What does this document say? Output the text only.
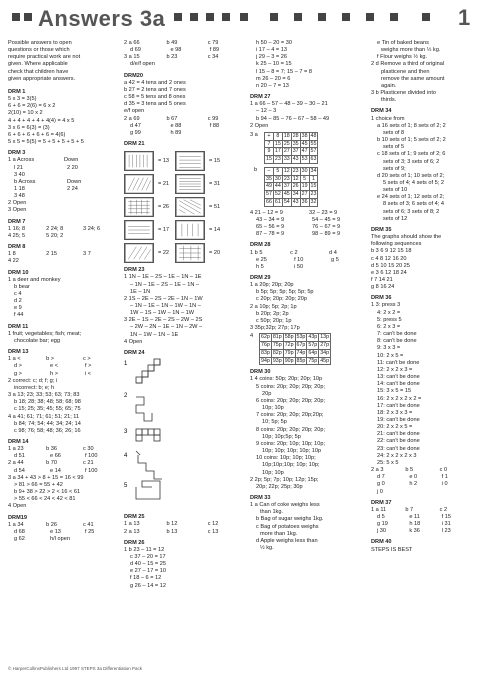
Answers 3a	1
Possible answers to open
questions or those which
require practical work are not
given. Where applicable
check that children have
given appropriate answers.
DRM 1
5 x 3 = 3(5)
6 + 6 = 2(6) = 6 x 2
2(10) = 10 x 2
4 + 4 + 4 + 4 + 4(4) = 4 x 5
3 x 6 = 6(3) = (3)
6 + 6 + 6 + 6 + 6 = 4(6)
5 x 5 = 5(5) = 5 + 5 + 5 + 5 + 5
DRM 3
1 a Across	Down
l 21	2 20
3 40
b Across	Down
1 18	2 24
3 48
2 Open
3 Open
DRM 7
1 16; 8	2 24; 8	3 24; 6
4 25; 5	5 20; 2
DRM 8
1 8	2 15	3 7
4 22
DRM 10
1 a deer and monkey
b bear
c 4
d 2
e 9
f 44
DRM 11
1 fruit; vegetables; fish; meat;
chocolate bar; egg
DRM 13
1 a <	b >	c >
d >	e <	f >
g >	h >	i <
2 correct: c; d; f; g; i
incorrect: b; e; h
3 a 13; 23; 33; 53; 63; 73; 83
b 18; 28; 38; 48; 58; 68; 98
c 15; 25; 35; 45; 55; 65; 75
4 a 41; 61; 71; 61; 51; 21; 11
b 84; 74; 54; 44; 34; 24; 14
c 98; 76; 58; 48; 36; 26; 16
DRM 14
1 a 23	b 36	c 30
d 51	e 66	f 100
2 a 44	b 70	c 21
d 54	e 14	f 100
3 a 34 + 43 > 8 + 15 = 16 < 99
> 81 > 66 = 55 + 42
b 9+ 38 > 22 > 2 < 16 < 61
> 55 < 66 < 24 < 42 < 81
4 Open
DRM19
1 a 34	b 26	c 41
d 68	e 13	f 25
g 62	h/l open
2 a 66	b 49	c 79
d 69	e 98	f 89
3 a 15	b 23	c 34
d/e/f open
DRM20
a 42 = 4 tens and 2 ones
b 27 = 2 tens and 7 ones
c 58 = 5 tens and 8 ones
d 35 = 3 tens and 5 ones
e/f open
2 a 69	b 67	c 99
d 47	e 88	f 88
g 99	h 89
DRM 21
= 13	= 15
= 21	= 31
= 26	= 51
= 17	= 14
= 22	= 20
DRM 23
1 1N – 1E – 2S – 1E – 1N – 1E
– 1N – 1E – 2S – 1E – 1N –
1E – 1N
2 1S – 2E – 2S – 2E – 1N – 1W
– 1N – 1E – 1N – 1W – 1N –
1W – 1S – 1W – 1N – 1W
3 2E – 1S – 2E – 2S – 2W – 2S
– 2W – 2N – 1E – 1N – 2W –
1N – 1W – 1N – 1E
4 Open
DRM 24
1
2
3
4
5
DRM 25
1 a 13	b 12	c 12
2 a 13	b 13	c 13
DRM 26
1 b 23 – 11 = 12
c 37 – 20 = 17
d 40 – 15 = 25
e 27 – 17 = 10
f 18 – 6 = 12
g 26 – 14 = 12
h 50 – 20 = 30
i 17 – 4 = 13
j 29 – 3 = 26
k 25 – 10 = 15
l 15 – 8 = 7; 15 – 7 = 8
m 26 – 20 = 6
n 20 – 7 = 13
DRM 27
1 a 66 – 57 – 48 – 39 – 30 – 21
– 12 – 3
b 94 – 85 – 76 – 67 – 58 – 49
2 Open
3 a	+	8	18	28	38	48
7	15	25	35	45	55
9	17	27	37	47	57
15	23	33	43	53	63
b	–	5	12	23	30	34
35	30	23	12	5	1
49	44	37	26	19	15
57	52	45	34	27	23
66	61	54	43	36	32
4 21 – 12 = 9	32 – 23 = 9
43 – 34 = 9	54 – 45 = 9
65 – 56 = 9	76 – 67 = 9
87 – 78 = 9	98 – 89 = 9
DRM 28
1 b 5	c 2	d 4
e 25	f 10	g 5
h 5	i 50
DRM 29
1 a 20p; 20p; 20p
b 5p; 5p; 5p; 5p; 5p; 5p
c 20p; 20p; 20p; 20p
2 a 10p; 5p; 2p; 1p
b 20p; 2p; 2p
c 50p; 20p; 1p
3 35p;32p; 27p; 17p
4	62p	81p	58p	53p	43p	13p
76p	75p	72p	67p	57p	27p
83p	82p	79p	74p	64p	34p
94p	93p	90p	85p	75p	45p
DRM 30
1 4 coins: 50p; 20p; 20p; 10p
5 coins: 20p; 20p; 20p; 20p;
20p
6 coins: 20p; 20p; 20p; 20p;
10p; 10p
7 coins: 20p; 20p; 20p;20p;
10; 5p; 5p
8 coins: 20p; 20p; 20p; 20p;
10p; 10p;5p; 5p
9 coins: 20p; 10p; 10p; 10p;
10p; 10p; 10p; 10p; 10p
10 coins: 10p; 10p; 10p;
10p;10p;10p; 10p; 10p;
10p; 10p
2 2p; 5p; 7p; 10p; 12p; 15p;
20p; 22p; 25p; 30p
DRM 33
1 a Can of coke weighs less
than 1kg.
b Bag of sugar weighs 1kg.
c Bag of potatoes weighs
more than 1kg.
d Apple weighs less than
½ kg.
e Tin of baked beans
weighs more than ½ kg.
f Flour weighs ½ kg.
2 d Remove a third of original
plasticene and then
remove the same amount
again.
3 b Plasticene divided into
thirds.
DRM 34
1 choice from
a 16 sets of 1; 8 sets of 2; 2
sets of 8
b 10 sets of 1; 5 sets of 2; 2
sets of 5
c 18 sets of 1; 9 sets of 2; 6
sets of 3; 3 sets of 6; 2
sets of 9;
d 20 sets of 1; 10 sets of 2;
5 sets of 4; 4 sets of 5; 2
sets of 10
e 24 sets of 1; 12 sets of 2;
8 sets of 3; 6 sets of 4; 4
sets of 6; 3 sets of 8; 2
sets of 12
DRM 35
The graphs should show the
following sequences
b 3 6 9 12 15 18
c 4 8 12 16 20
d 5 10 15 20 25
e 3 6 12 18 24
f 7 14 21
g 8 16 24
DRM 36
1 3: press 3
4: 2 x 2 =
5: press 5
6: 2 x 3 =
7: can't be done
8: can't be done
9: 3 x 3 =
10: 2 x 5 =
11: can't be done
12: 2 x 2 x 3 =
13: can't be done
14: can't be done
15: 3 x 5 = 15
16: 2 x 2 x 2 x 2 =
17: can't be done
18: 2 x 3 x 3 =
19: can't be done
20: 2 x 2 x 5 =
21: can't be done
22: can't be done
23: can't be done
24: 2 x 2 x 2 x 3
25: 5 x 5
2 a 3	b 5	c 0
d 7	e 0	f 1
g 0	h 2	i 0
j 0
DRM 37
1 a 11	b 7	c 2
d 5	e 11	f 15
g 19	h 18	i 31
j 30	k 36	l 23
DRM 40
STEPS IS BEST
© HarperCollinsPublishers Ltd 1997 STEPS 3a Differentiation Pack
